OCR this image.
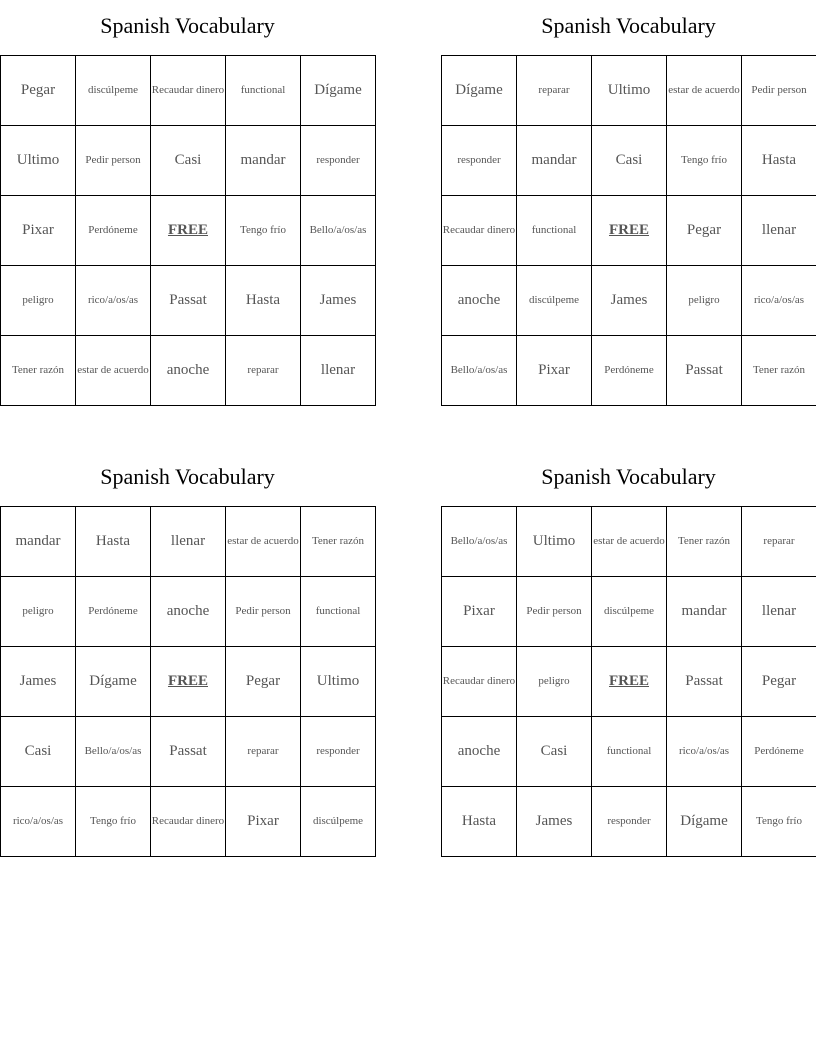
Spanish Vocabulary
Pegar	discúlpeme	Recaudar dinero	functional	Dígame
Ultimo	Pedir person	Casi	mandar	responder
Pixar	Perdóneme	FREE	Tengo frío	Bello/a/os/as
peligro	rico/a/os/as	Passat	Hasta	James
Tener razón	estar de acuerdo	anoche	reparar	llenar
Spanish Vocabulary
Dígame	reparar	Ultimo	estar de acuerdo	Pedir person
responder	mandar	Casi	Tengo frío	Hasta
Recaudar dinero	functional	FREE	Pegar	llenar
anoche	discúlpeme	James	peligro	rico/a/os/as
Bello/a/os/as	Pixar	Perdóneme	Passat	Tener razón
Spanish Vocabulary
mandar	Hasta	llenar	estar de acuerdo	Tener razón
peligro	Perdóneme	anoche	Pedir person	functional
James	Dígame	FREE	Pegar	Ultimo
Casi	Bello/a/os/as	Passat	reparar	responder
rico/a/os/as	Tengo frío	Recaudar dinero	Pixar	discúlpeme
Spanish Vocabulary
Bello/a/os/as	Ultimo	estar de acuerdo	Tener razón	reparar
Pixar	Pedir person	discúlpeme	mandar	llenar
Recaudar dinero	peligro	FREE	Passat	Pegar
anoche	Casi	functional	rico/a/os/as	Perdóneme
Hasta	James	responder	Dígame	Tengo frío
